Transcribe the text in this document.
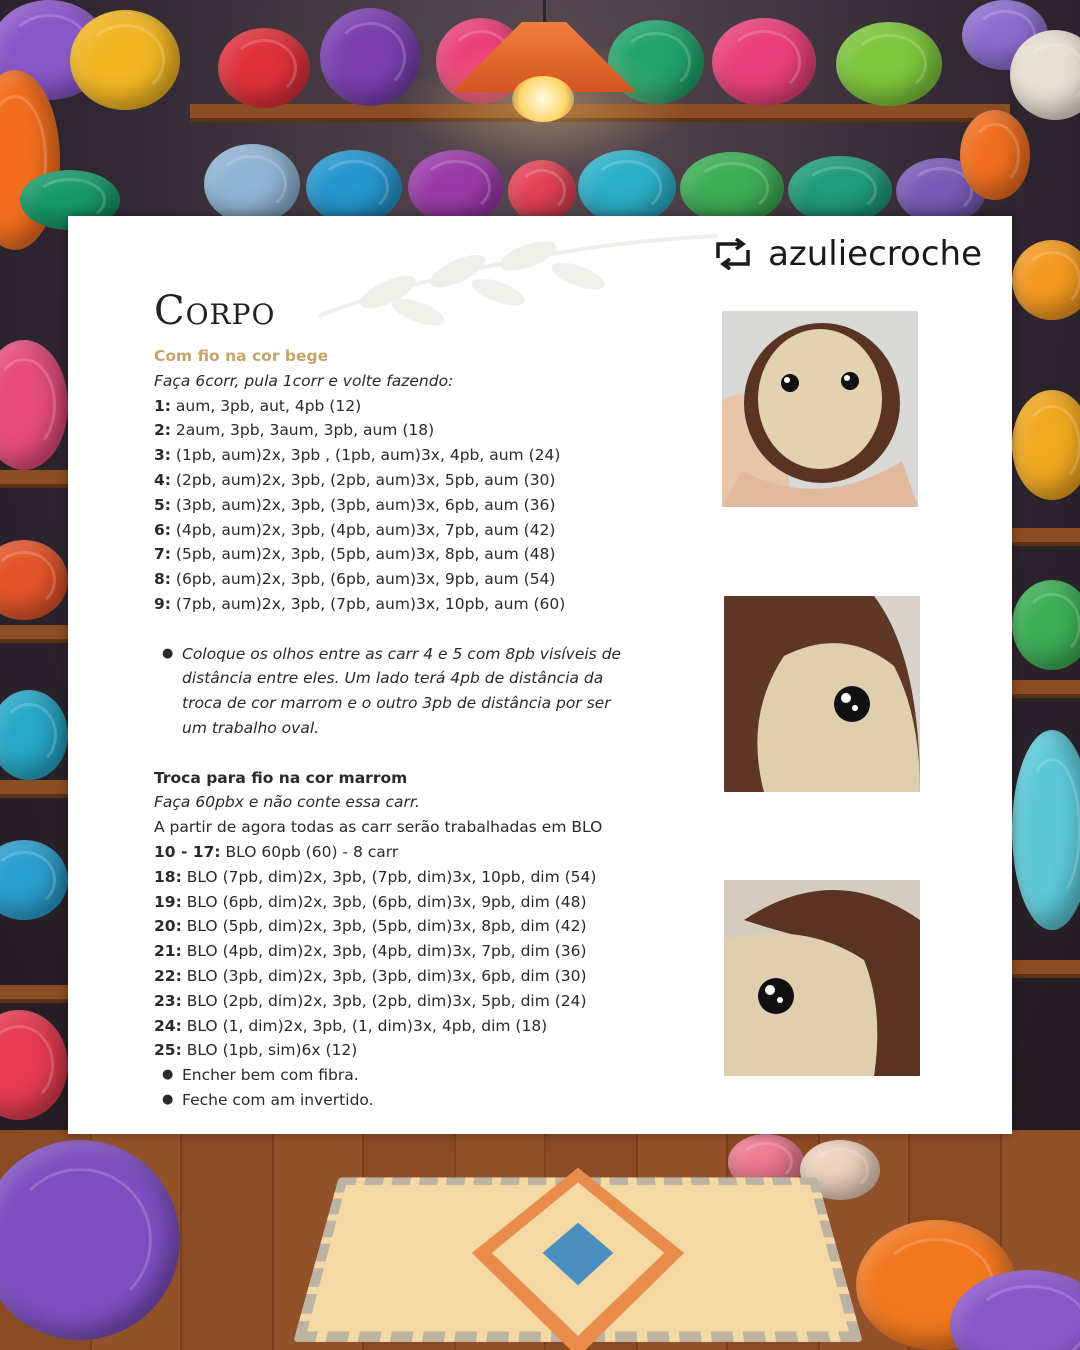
azuliecroche
Corpo
Com fio na cor bege
Faça 6corr, pula 1corr e volte fazendo:
1: aum, 3pb, aut, 4pb (12)
2: 2aum, 3pb, 3aum, 3pb, aum (18)
3: (1pb, aum)2x, 3pb , (1pb, aum)3x, 4pb, aum (24)
4: (2pb, aum)2x, 3pb, (2pb, aum)3x, 5pb, aum (30)
5: (3pb, aum)2x, 3pb, (3pb, aum)3x, 6pb, aum (36)
6: (4pb, aum)2x, 3pb, (4pb, aum)3x, 7pb, aum (42)
7: (5pb, aum)2x, 3pb, (5pb, aum)3x, 8pb, aum (48)
8: (6pb, aum)2x, 3pb, (6pb, aum)3x, 9pb, aum (54)
9: (7pb, aum)2x, 3pb, (7pb, aum)3x, 10pb, aum (60)
● Coloque os olhos entre as carr 4 e 5 com 8pb visíveis de distância entre eles. Um lado terá 4pb de distância da troca de cor marrom e o outro 3pb de distância por ser um trabalho oval.
Troca para fio na cor marrom
Faça 60pbx e não conte essa carr.
A partir de agora todas as carr serão trabalhadas em BLO
10 - 17: BLO 60pb (60) - 8 carr
18: BLO (7pb, dim)2x, 3pb, (7pb, dim)3x, 10pb, dim (54)
19: BLO (6pb, dim)2x, 3pb, (6pb, dim)3x, 9pb, dim (48)
20: BLO (5pb, dim)2x, 3pb, (5pb, dim)3x, 8pb, dim (42)
21: BLO (4pb, dim)2x, 3pb, (4pb, dim)3x, 7pb, dim (36)
22: BLO (3pb, dim)2x, 3pb, (3pb, dim)3x, 6pb, dim (30)
23: BLO (2pb, dim)2x, 3pb, (2pb, dim)3x, 5pb, dim (24)
24: BLO (1, dim)2x, 3pb, (1, dim)3x, 4pb, dim (18)
25: BLO (1pb, sim)6x (12)
● Encher bem com fibra.
● Feche com am invertido.
